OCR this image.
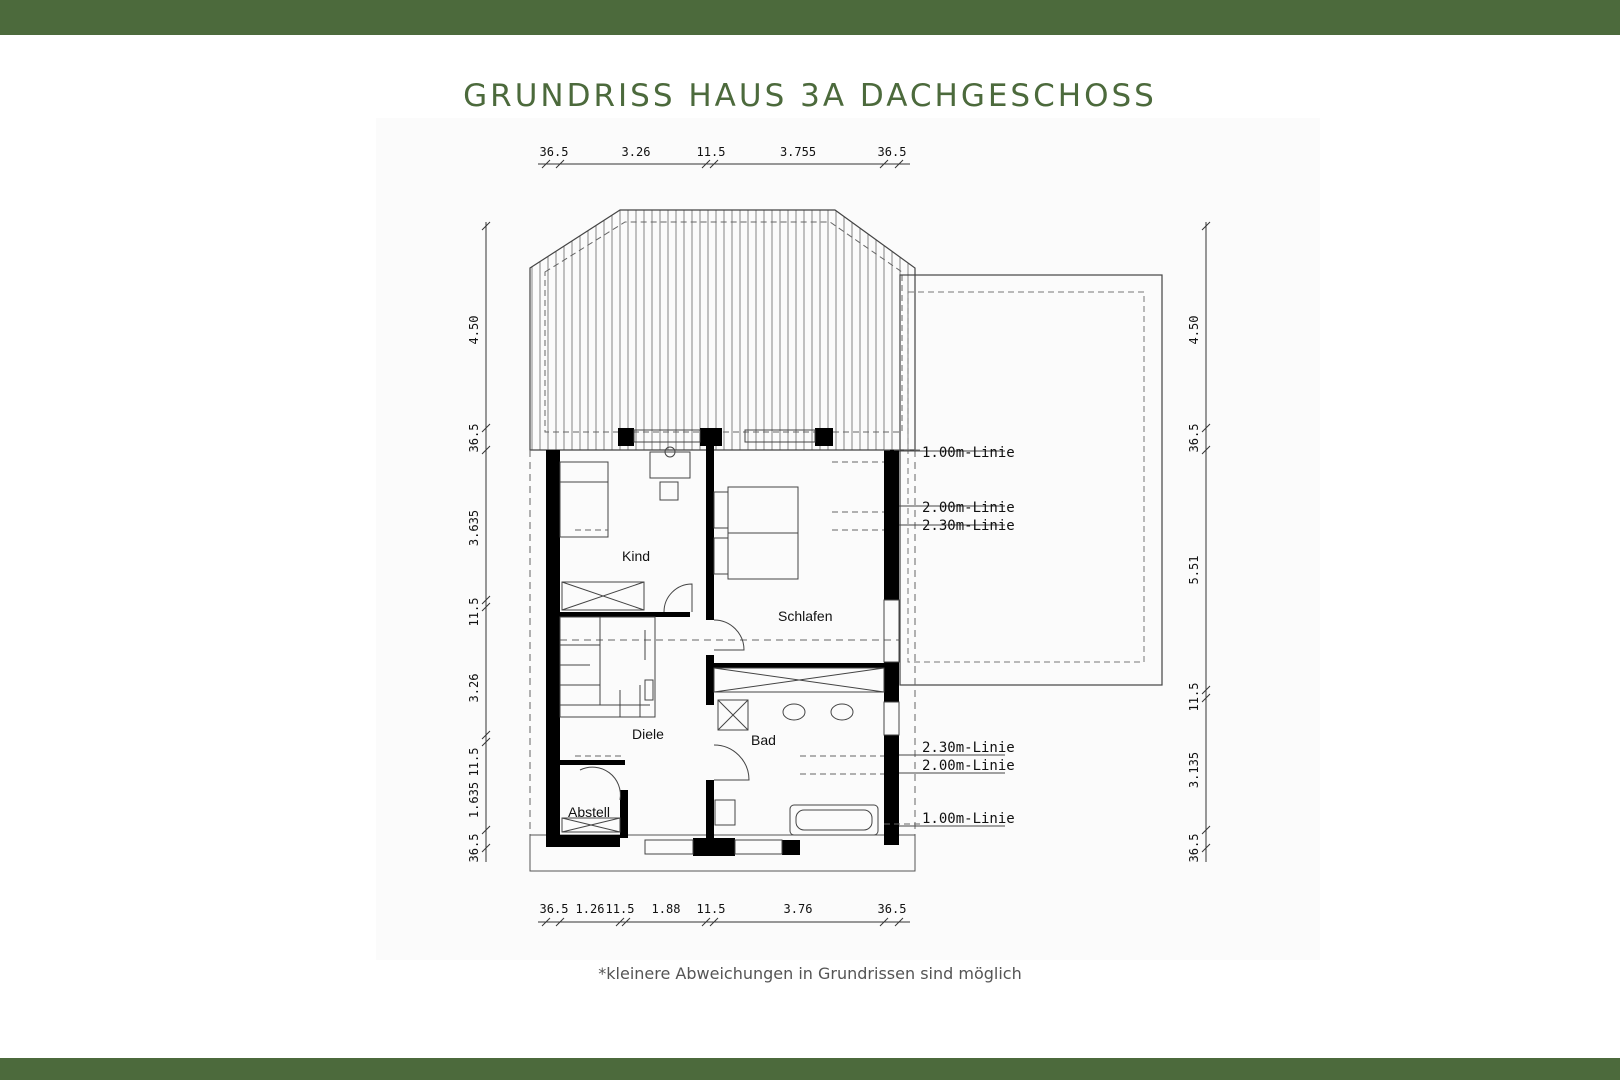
GRUNDRISS HAUS 3A DACHGESCHOSS
Kind
Schlafen
Diele	Bad
Abstell
1.00m-Linie
2.00m-Linie
2.30m-Linie
2.30m-Linie
2.00m-Linie
1.00m-Linie
36.5	3.26	11.5	3.755	36.5
36.5 1.26 11.5 1.88 11.5	3.76	36.5
4.50
36.5
3.635
11.5
3.26
11.5
1.635
36.5
4.50
36.5
5.51
11.5
3.135
36.5
*kleinere Abweichungen in Grundrissen sind möglich
